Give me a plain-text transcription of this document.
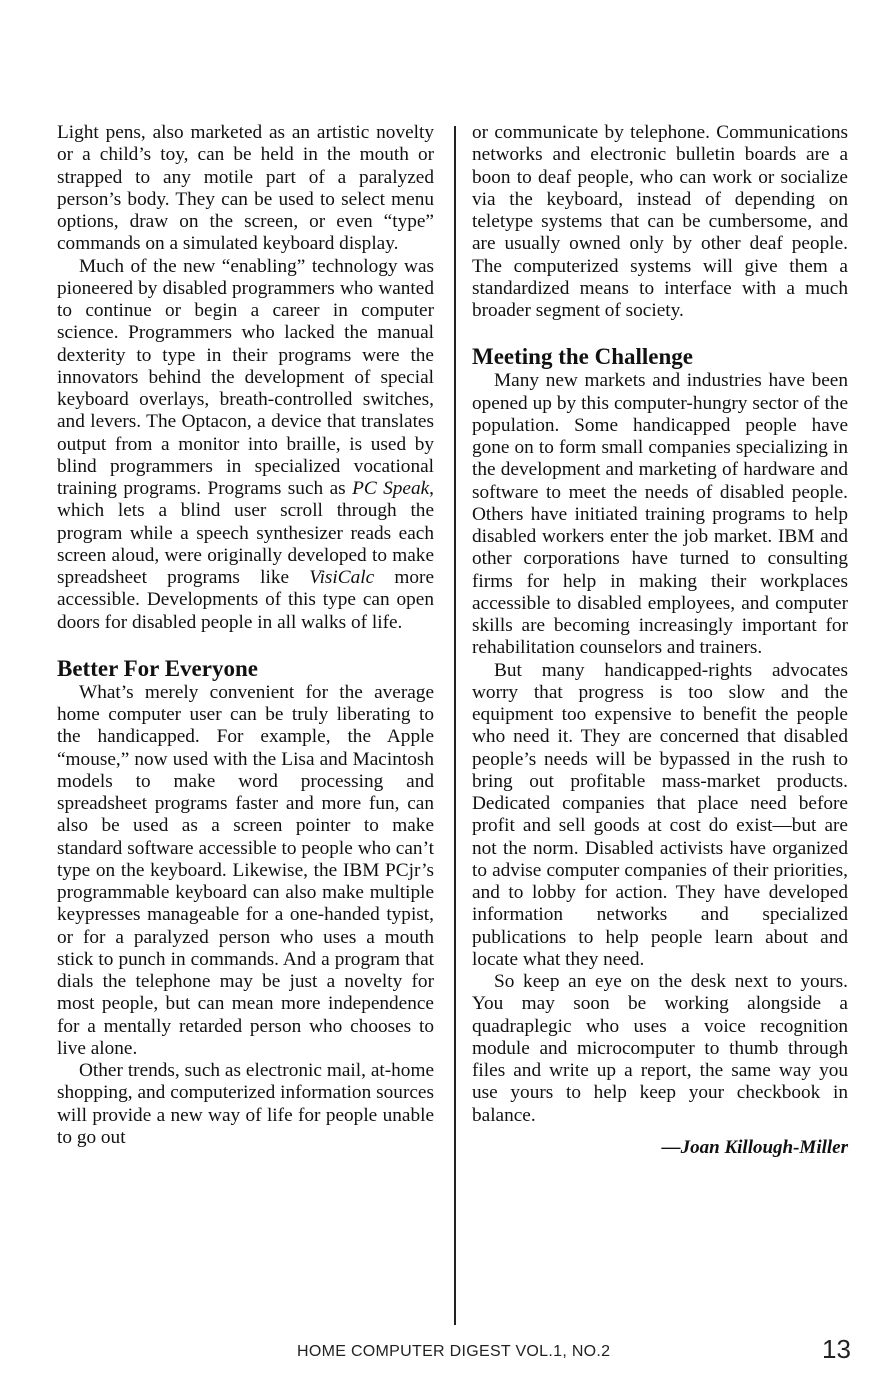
Light pens, also marketed as an artistic novelty or a child’s toy, can be held in the mouth or strapped to any motile part of a paralyzed person’s body. They can be used to select menu options, draw on the screen, or even “type” commands on a simulated keyboard display.

Much of the new “enabling” technology was pioneered by disabled programmers who wanted to continue or begin a career in computer science. Programmers who lacked the manual dexterity to type in their programs were the innovators behind the development of special keyboard overlays, breath-controlled switches, and levers. The Optacon, a device that translates output from a monitor into braille, is used by blind programmers in specialized vocational training programs. Programs such as PC Speak, which lets a blind user scroll through the program while a speech synthesizer reads each screen aloud, were originally developed to make spreadsheet programs like VisiCalc more accessible. Developments of this type can open doors for disabled people in all walks of life.

Better For Everyone

What’s merely convenient for the average home computer user can be truly liberating to the handicapped. For example, the Apple “mouse,” now used with the Lisa and Macintosh models to make word processing and spreadsheet programs faster and more fun, can also be used as a screen pointer to make standard software accessible to people who can’t type on the keyboard. Likewise, the IBM PCjr’s programmable keyboard can also make multiple keypresses manageable for a one-handed typist, or for a paralyzed person who uses a mouth stick to punch in commands. And a program that dials the telephone may be just a novelty for most people, but can mean more independence for a mentally retarded person who chooses to live alone.

Other trends, such as electronic mail, at-home shopping, and computerized information sources will provide a new way of life for people unable to go out

or communicate by telephone. Communications networks and electronic bulletin boards are a boon to deaf people, who can work or socialize via the keyboard, instead of depending on teletype systems that can be cumbersome, and are usually owned only by other deaf people. The computerized systems will give them a standardized means to interface with a much broader segment of society.

Meeting the Challenge

Many new markets and industries have been opened up by this computer-hungry sector of the population. Some handicapped people have gone on to form small companies specializing in the development and marketing of hardware and software to meet the needs of disabled people. Others have initiated training programs to help disabled workers enter the job market. IBM and other corporations have turned to consulting firms for help in making their workplaces accessible to disabled employees, and computer skills are becoming increasingly important for rehabilitation counselors and trainers.

But many handicapped-rights advocates worry that progress is too slow and the equipment too expensive to benefit the people who need it. They are concerned that disabled people’s needs will be bypassed in the rush to bring out profitable mass-market products. Dedicated companies that place need before profit and sell goods at cost do exist—but are not the norm. Disabled activists have organized to advise computer companies of their priorities, and to lobby for action. They have developed information networks and specialized publications to help people learn about and locate what they need.

So keep an eye on the desk next to yours. You may soon be working alongside a quadraplegic who uses a voice recognition module and microcomputer to thumb through files and write up a report, the same way you use yours to help keep your checkbook in balance.

—Joan Killough-Miller
HOME COMPUTER DIGEST VOL.1, NO.2	13
